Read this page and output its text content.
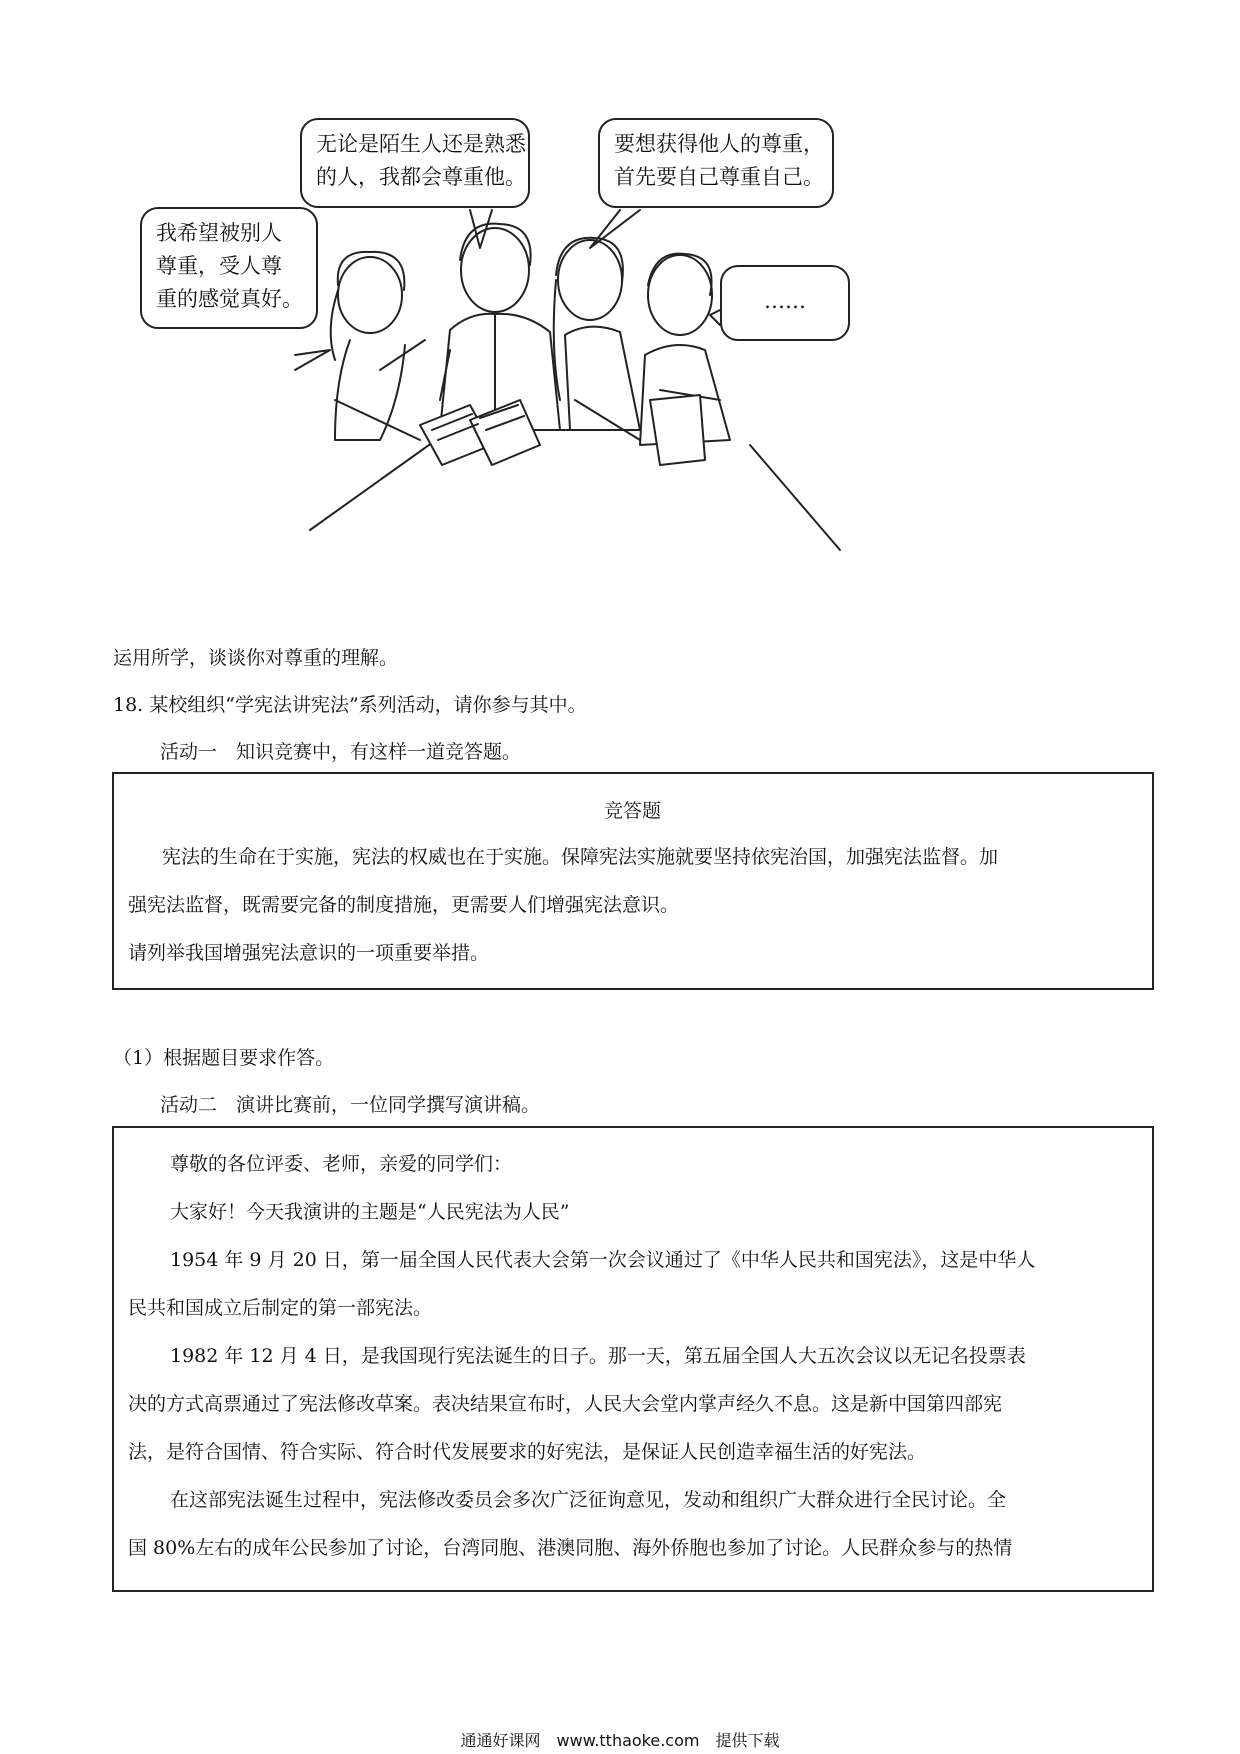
我希望被别人
尊重，受人尊
重的感觉真好。
无论是陌生人还是熟悉
的人，我都会尊重他。
要想获得他人的尊重，
首先要自己尊重自己。
……
运用所学，谈谈你对尊重的理解。
18. 某校组织“学宪法讲宪法”系列活动，请你参与其中。
活动一　知识竞赛中，有这样一道竞答题。
竞答题
宪法的生命在于实施，宪法的权威也在于实施。保障宪法实施就要坚持依宪治国，加强宪法监督。加
强宪法监督，既需要完备的制度措施，更需要人们增强宪法意识。
请列举我国增强宪法意识的一项重要举措。
（1）根据题目要求作答。
活动二　演讲比赛前，一位同学撰写演讲稿。
尊敬的各位评委、老师，亲爱的同学们：
大家好！今天我演讲的主题是“人民宪法为人民”
1954 年 9 月 20 日，第一届全国人民代表大会第一次会议通过了《中华人民共和国宪法》，这是中华人
民共和国成立后制定的第一部宪法。
1982 年 12 月 4 日，是我国现行宪法诞生的日子。那一天，第五届全国人大五次会议以无记名投票表
决的方式高票通过了宪法修改草案。表决结果宣布时，人民大会堂内掌声经久不息。这是新中国第四部宪
法，是符合国情、符合实际、符合时代发展要求的好宪法，是保证人民创造幸福生活的好宪法。
在这部宪法诞生过程中，宪法修改委员会多次广泛征询意见，发动和组织广大群众进行全民讨论。全
国 80%左右的成年公民参加了讨论，台湾同胞、港澳同胞、海外侨胞也参加了讨论。人民群众参与的热情
通通好课网　www.tthaoke.com　提供下载
